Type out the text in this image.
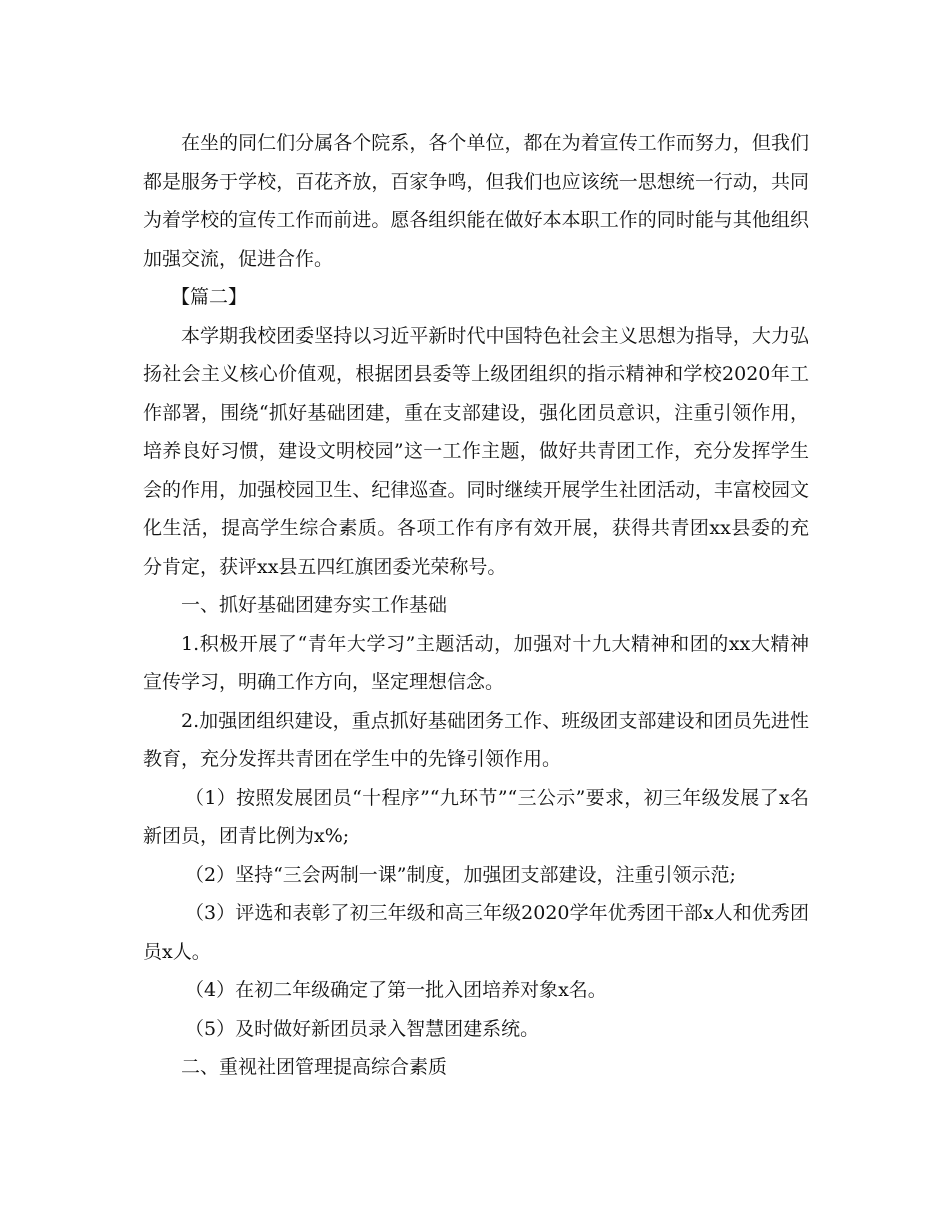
在坐的同仁们分属各个院系，各个单位，都在为着宣传工作而努力，但我们都是服务于学校，百花齐放，百家争鸣，但我们也应该统一思想统一行动，共同为着学校的宣传工作而前进。愿各组织能在做好本本职工作的同时能与其他组织加强交流，促进合作。

【篇二】

本学期我校团委坚持以习近平新时代中国特色社会主义思想为指导，大力弘扬社会主义核心价值观，根据团县委等上级团组织的指示精神和学校2020年工作部署，围绕“抓好基础团建，重在支部建设，强化团员意识，注重引领作用，培养良好习惯，建设文明校园”这一工作主题，做好共青团工作，充分发挥学生会的作用，加强校园卫生、纪律巡查。同时继续开展学生社团活动，丰富校园文化生活，提高学生综合素质。各项工作有序有效开展，获得共青团xx县委的充分肯定，获评xx县五四红旗团委光荣称号。

一、抓好基础团建夯实工作基础

1.积极开展了“青年大学习”主题活动，加强对十九大精神和团的xx大精神宣传学习，明确工作方向，坚定理想信念。

2.加强团组织建设，重点抓好基础团务工作、班级团支部建设和团员先进性教育，充分发挥共青团在学生中的先锋引领作用。

（1）按照发展团员“十程序”“九环节”“三公示”要求，初三年级发展了x名新团员，团青比例为x%;

（2）坚持“三会两制一课”制度，加强团支部建设，注重引领示范;

（3）评选和表彰了初三年级和高三年级2020学年优秀团干部x人和优秀团员x人。

（4）在初二年级确定了第一批入团培养对象x名。

（5）及时做好新团员录入智慧团建系统。

二、重视社团管理提高综合素质
